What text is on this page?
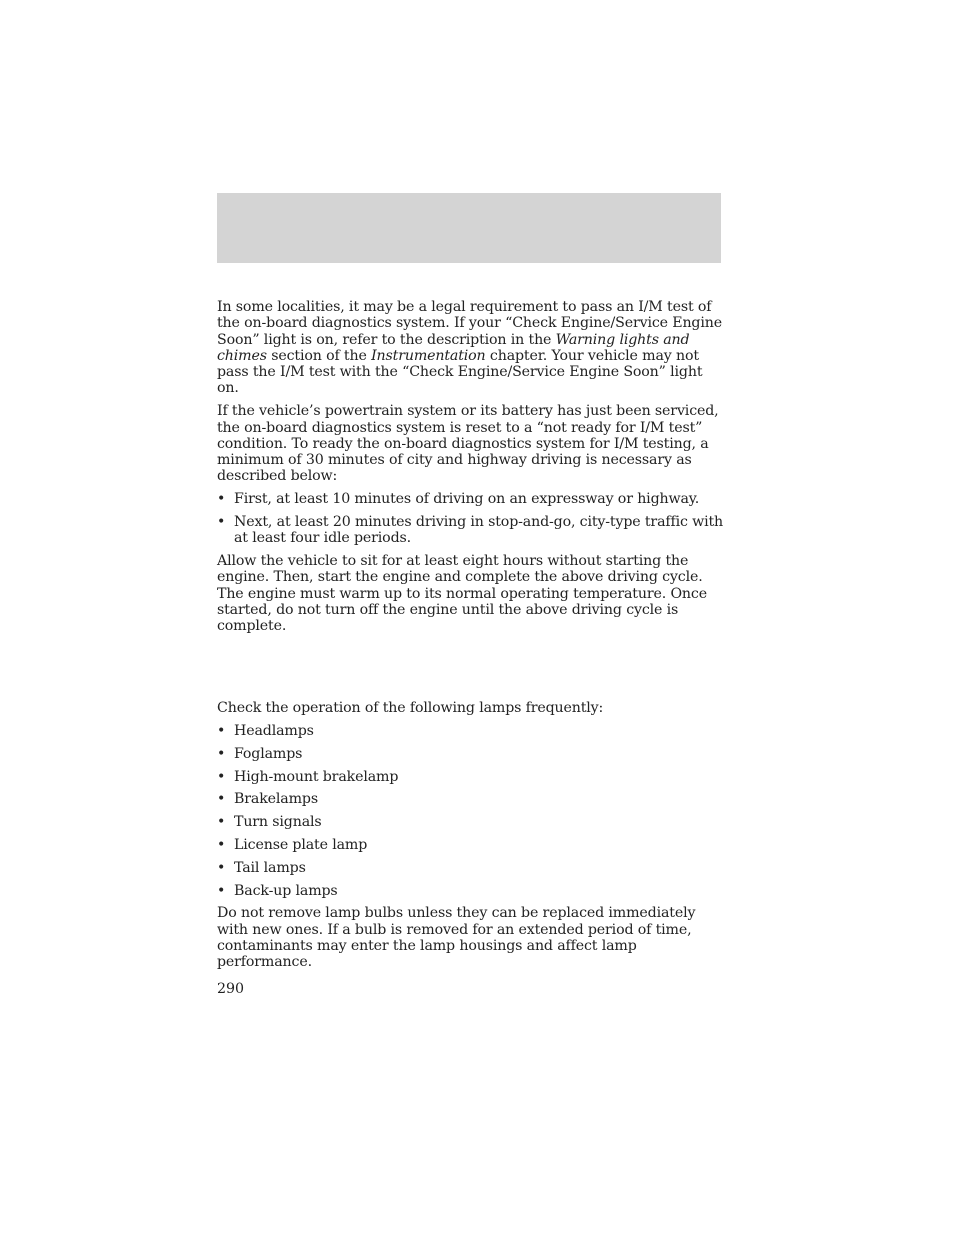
In some localities, it may be a legal requirement to pass an I/M test of the on-board diagnostics system. If your “Check Engine/Service Engine Soon” light is on, refer to the description in the Warning lights and chimes section of the Instrumentation chapter. Your vehicle may not pass the I/M test with the “Check Engine/Service Engine Soon” light on.

If the vehicle’s powertrain system or its battery has just been serviced, the on-board diagnostics system is reset to a “not ready for I/M test” condition. To ready the on-board diagnostics system for I/M testing, a minimum of 30 minutes of city and highway driving is necessary as described below:

• First, at least 10 minutes of driving on an expressway or highway.
• Next, at least 20 minutes driving in stop-and-go, city-type traffic with at least four idle periods.

Allow the vehicle to sit for at least eight hours without starting the engine. Then, start the engine and complete the above driving cycle. The engine must warm up to its normal operating temperature. Once started, do not turn off the engine until the above driving cycle is complete.

Check the operation of the following lamps frequently:

• Headlamps
• Foglamps
• High-mount brakelamp
• Brakelamps
• Turn signals
• License plate lamp
• Tail lamps
• Back-up lamps

Do not remove lamp bulbs unless they can be replaced immediately with new ones. If a bulb is removed for an extended period of time, contaminants may enter the lamp housings and affect lamp performance.

290
